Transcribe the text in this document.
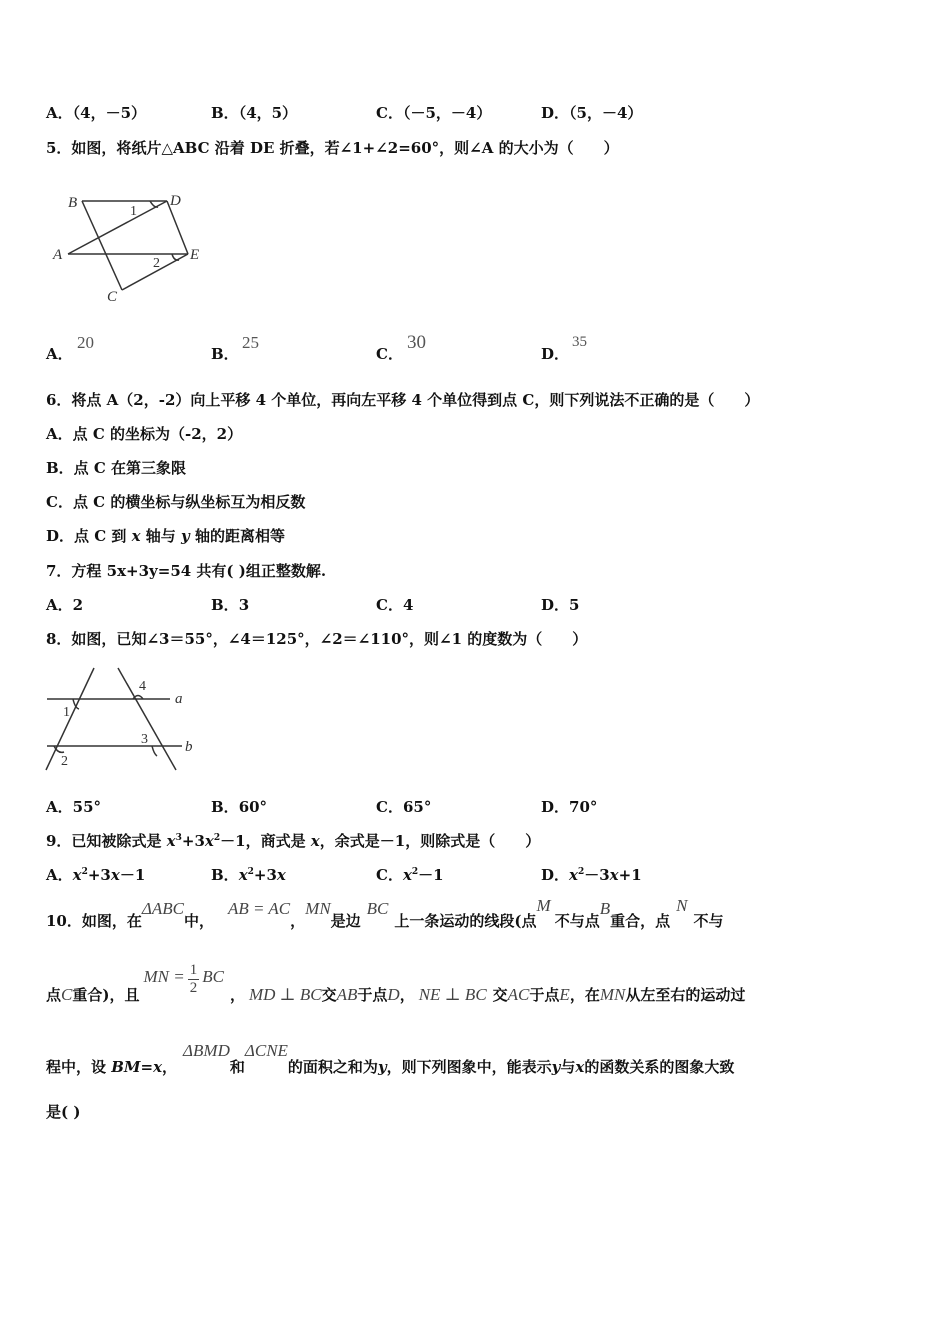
A．（4，－5）	B．（4，5）	C．（－5，－4）	D．（5，－4）
5．如图，将纸片△ABC 沿着 DE 折叠，若∠1+∠2=60°，则∠A 的大小为（　　）
B	D
A	E
C
1
2
A．
20
B．
25
C．
30
D．
35
6．将点 A（2，-2）向上平移 4 个单位，再向左平移 4 个单位得到点 C，则下列说法不正确的是（　　）
A．点 C 的坐标为（-2，2）
B．点 C 在第三象限
C．点 C 的横坐标与纵坐标互为相反数
D．点 C 到 x 轴与 y 轴的距离相等
7．方程 5x+3y=54 共有( )组正整数解.
A．2	B．3	C．4	D．5
8．如图，已知∠3＝55°，∠4＝125°，∠2＝∠110°，则∠1 的度数为（　　）
4
a
1
3 b
2
A．55°	B．60°	C．65°	D．70°
9．已知被除式是 $x^3+3x^2-1$，商式是 x，余式是－1，则除式是（　　）
A．$x^2+3x-1$	B．$x^2+3x$	C．$x^2-1$	D．$x^2-3x+1$
10．如图，在ΔABC中，AB = AC，MN是边BC上一条运动的线段(点M不与点B重合，点N不与
点C重合)，且MN = $\frac{1}{2}$ BC， MD ⊥ BC交AB于点D， NE ⊥ BC 交AC于点E，在MN从左至右的运动过
程中，设 BM=x，ΔBMD和ΔCNE的面积之和为y，则下列图象中，能表示y与x的函数关系的图象大致
是( )
